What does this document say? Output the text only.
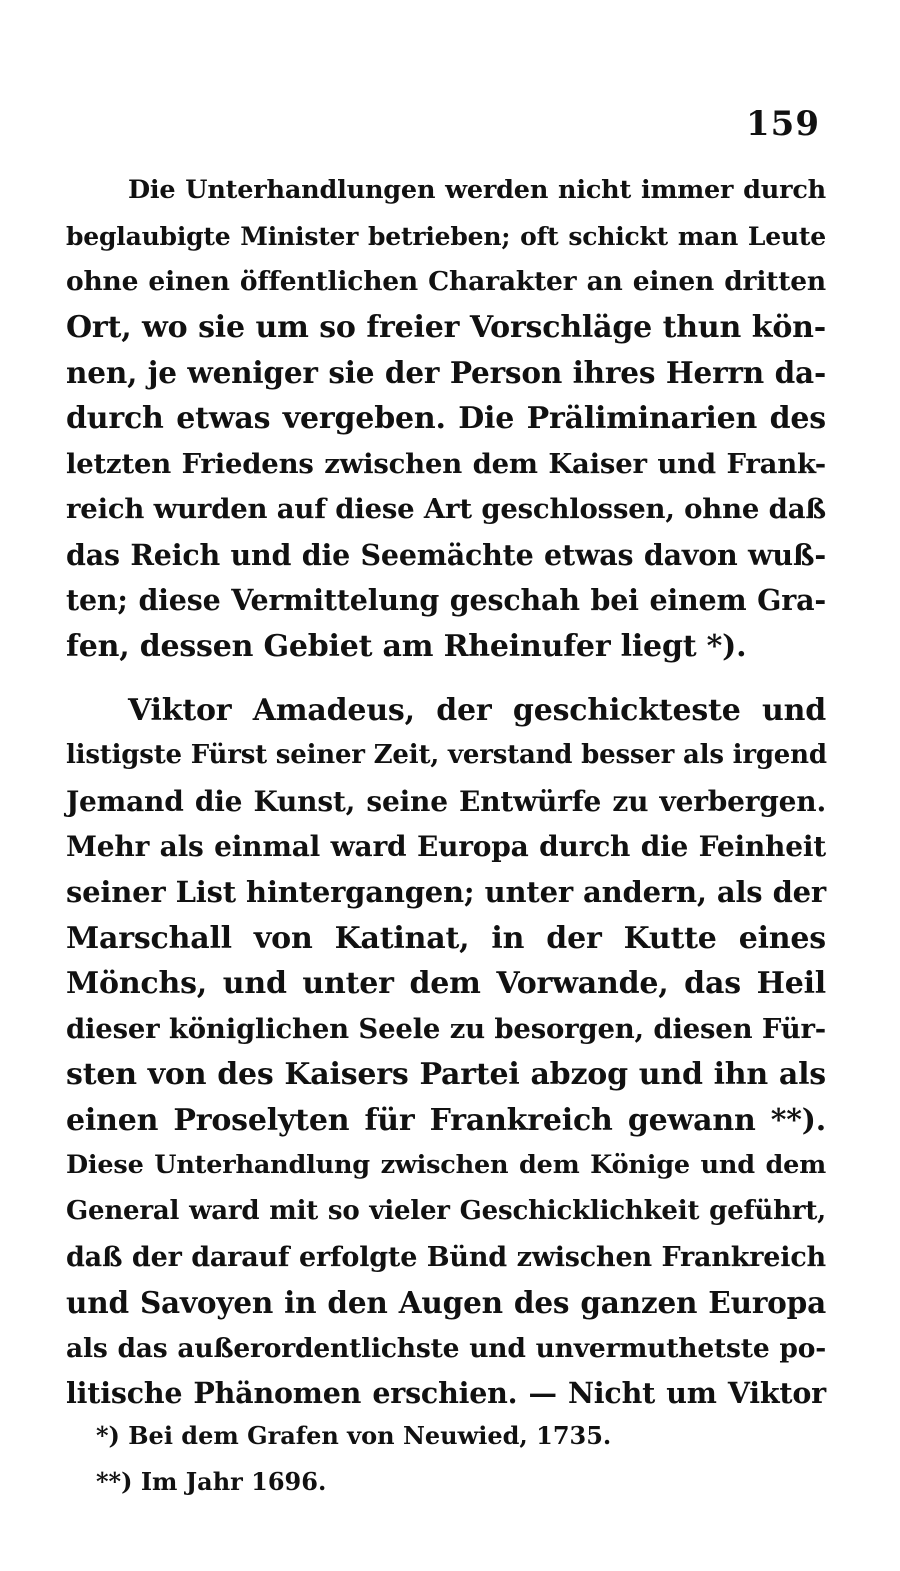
159
Die Unterhandlungen werden nicht immer durch
beglaubigte Minister betrieben; oft schickt man Leute
ohne einen öffentlichen Charakter an einen dritten
Ort, wo sie um so freier Vorschläge thun kön-
nen, je weniger sie der Person ihres Herrn da-
durch etwas vergeben. Die Präliminarien des
letzten Friedens zwischen dem Kaiser und Frank-
reich wurden auf diese Art geschlossen, ohne daß
das Reich und die Seemächte etwas davon wuß-
ten; diese Vermittelung geschah bei einem Gra-
fen, dessen Gebiet am Rheinufer liegt *).
Viktor Amadeus, der geschickteste und
listigste Fürst seiner Zeit, verstand besser als irgend
Jemand die Kunst, seine Entwürfe zu verbergen.
Mehr als einmal ward Europa durch die Feinheit
seiner List hintergangen; unter andern, als der
Marschall von Katinat, in der Kutte eines
Mönchs, und unter dem Vorwande, das Heil
dieser königlichen Seele zu besorgen, diesen Für-
sten von des Kaisers Partei abzog und ihn als
einen Proselyten für Frankreich gewann **).
Diese Unterhandlung zwischen dem Könige und dem
General ward mit so vieler Geschicklichkeit geführt,
daß der darauf erfolgte Bünd zwischen Frankreich
und Savoyen in den Augen des ganzen Europa
als das außerordentlichste und unvermuthetste po-
litische Phänomen erschien. — Nicht um Viktor
*) Bei dem Grafen von Neuwied, 1735.
**) Im Jahr 1696.
